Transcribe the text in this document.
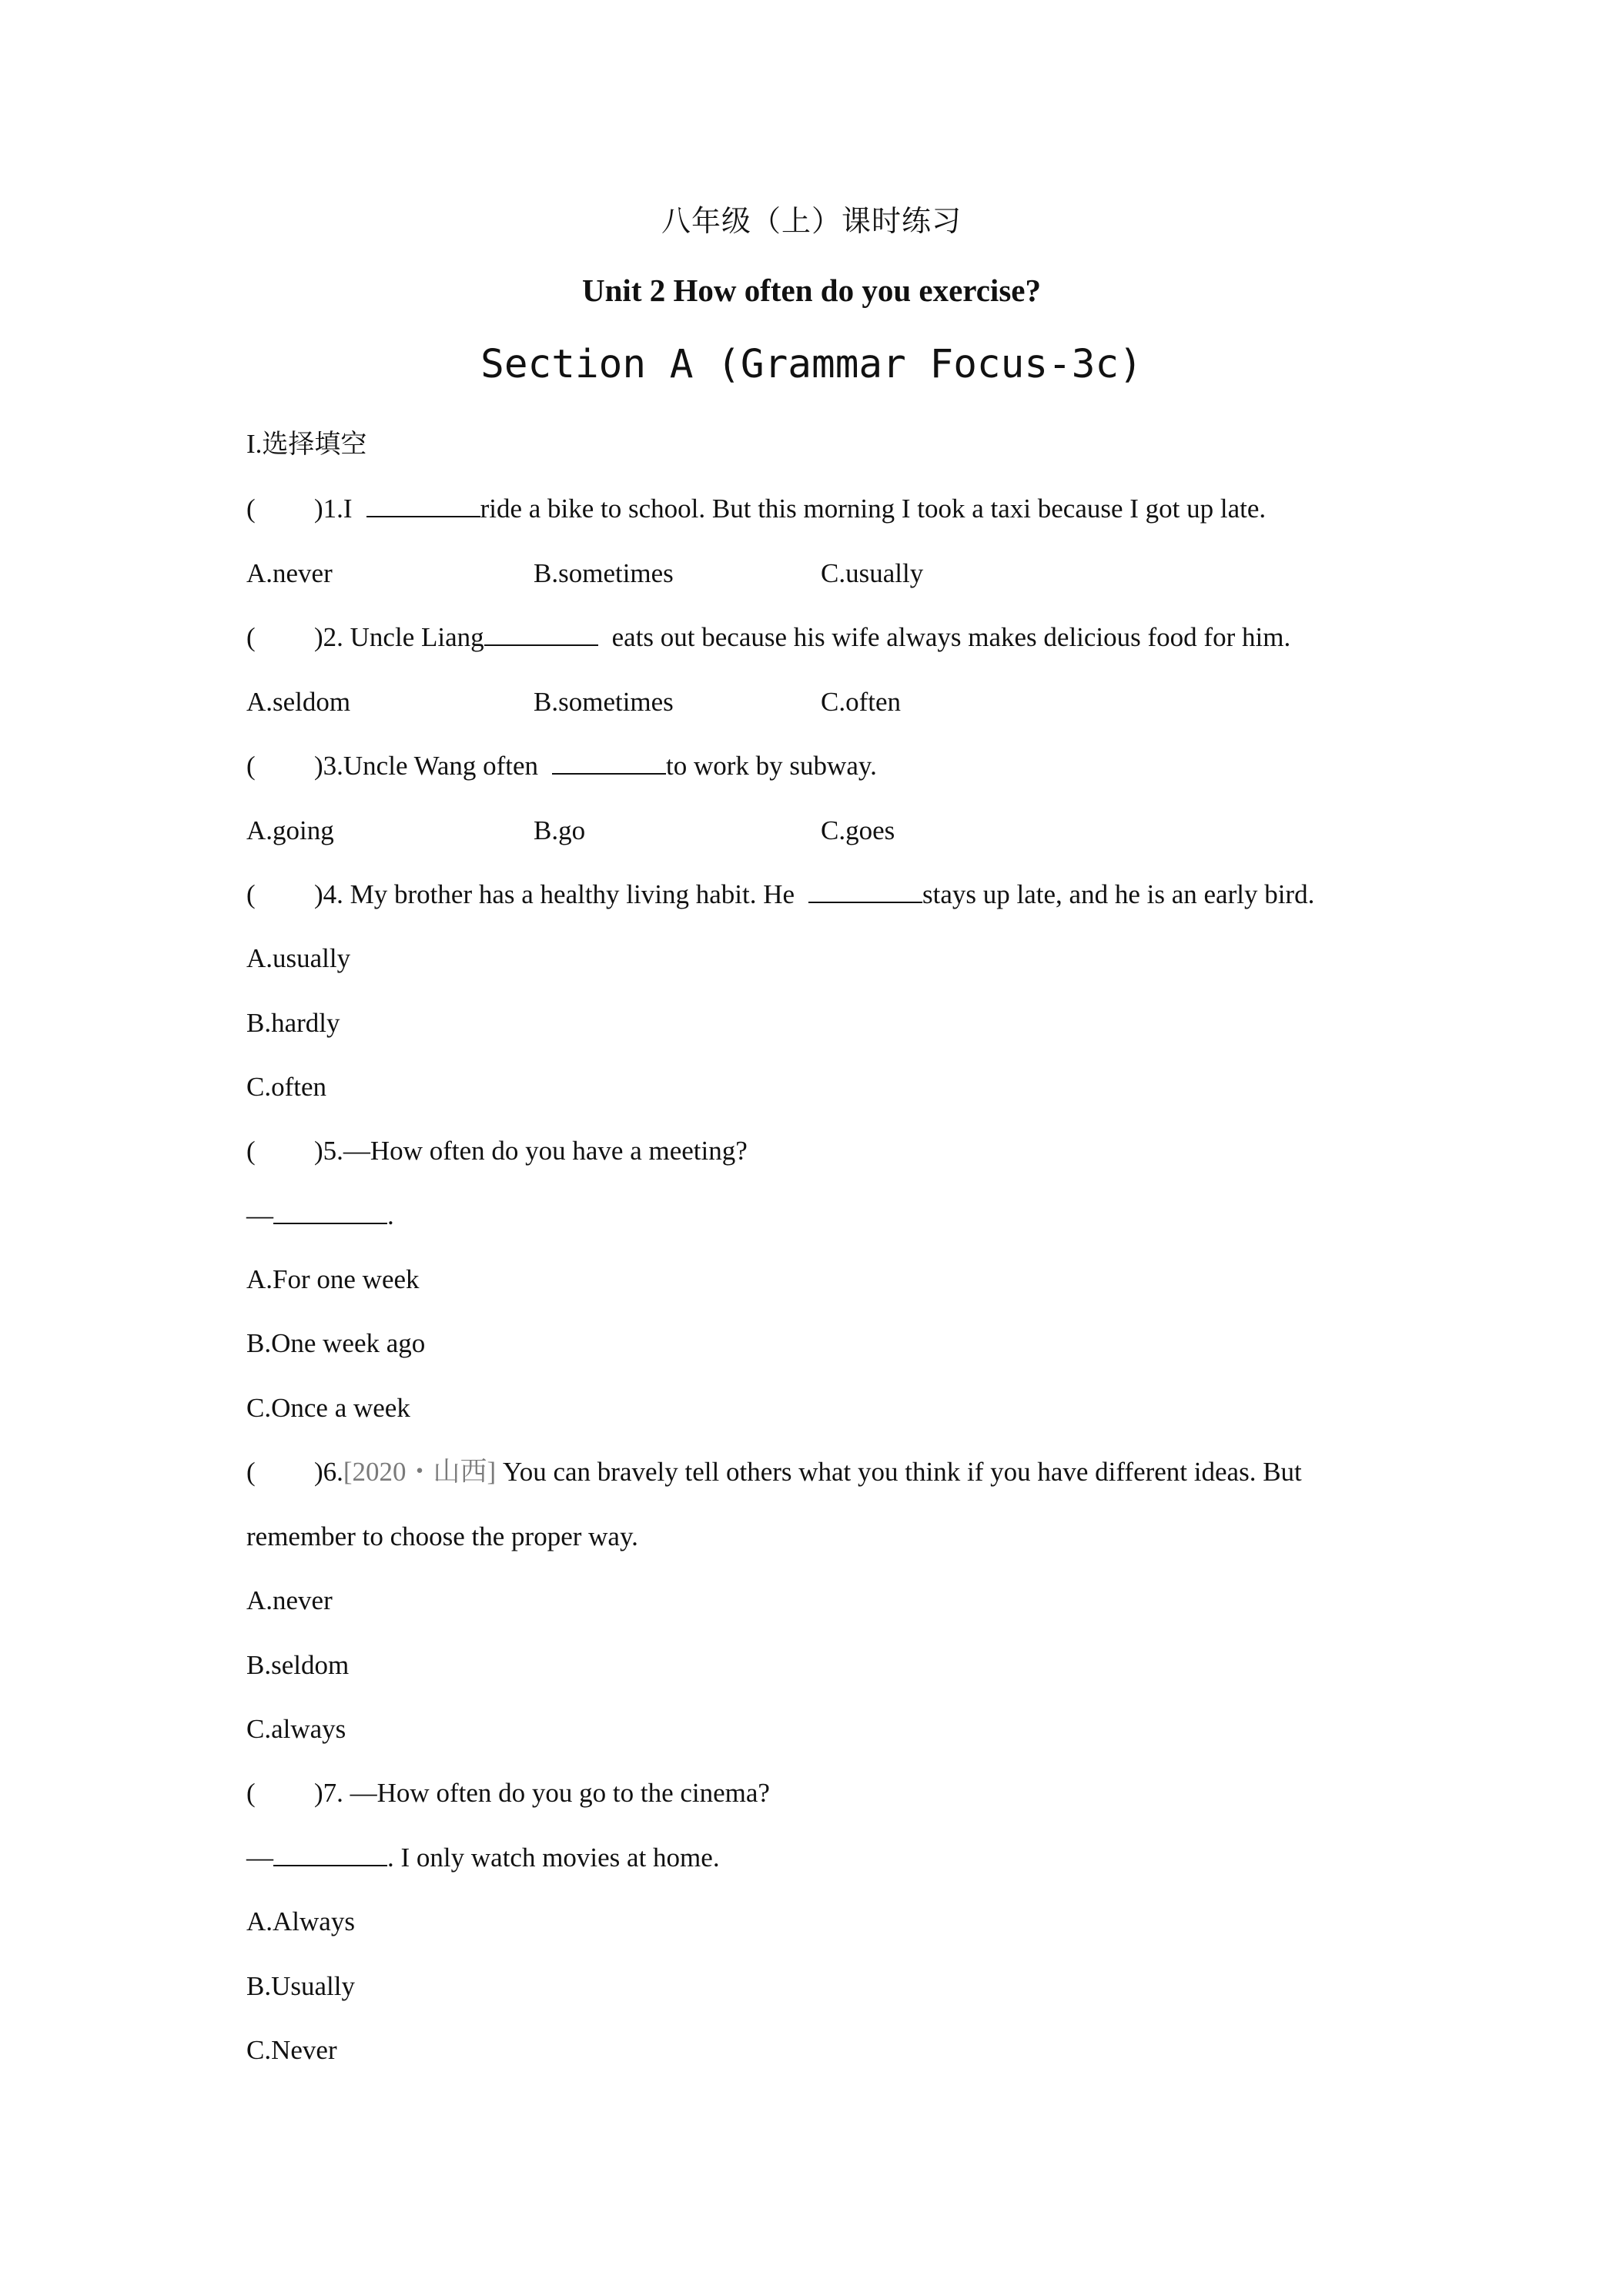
八年级（上）课时练习
Unit 2 How often do you exercise?
Section A (Grammar Focus-3c)
I.选择填空
( )1.I	ride a bike to school. But this morning I took a taxi because I got up late.
A.never	B.sometimes	C.usually
( )2. Uncle Liang	eats out because his wife always makes delicious food for him.
A.seldom	B.sometimes	C.often
( )3.Uncle Wang often	to work by subway.
A.going	B.go	C.goes
( )4. My brother has a healthy living habit. He	stays up late, and he is an early bird.
A.usually
B.hardly
C.often
( )5.—How often do you have a meeting?
—	.
A.For one week
B.One week ago
C.Once a week
( )6.[2020・山西] You can bravely tell others what you think if you have different ideas. But
remember to choose the proper way.
A.never
B.seldom
C.always
( )7. —How often do you go to the cinema?
—	. I only watch movies at home.
A.Always
B.Usually
C.Never
